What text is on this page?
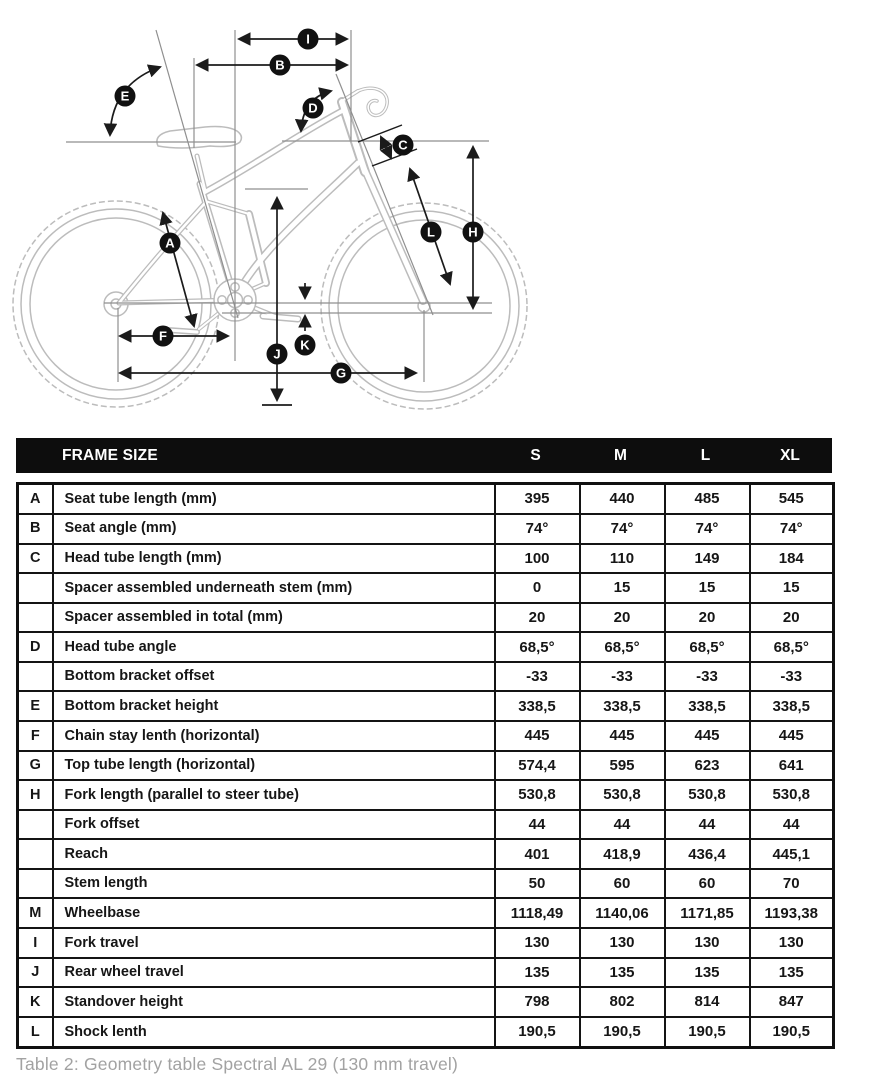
I
B
E
D
C
L	H
A
F
K
J
G
FRAME SIZE	S	M	L	XL
A	Seat tube length (mm)	395	440	485	545
B	Seat angle (mm)	74°	74°	74°	74°
C	Head tube length (mm)	100	110	149	184
	Spacer assembled underneath stem (mm)	0	15	15	15
	Spacer assembled in total (mm)	20	20	20	20
D	Head tube angle	68,5°	68,5°	68,5°	68,5°
	Bottom bracket offset	-33	-33	-33	-33
E	Bottom bracket height	338,5	338,5	338,5	338,5
F	Chain stay lenth (horizontal)	445	445	445	445
G	Top tube length (horizontal)	574,4	595	623	641
H	Fork length (parallel to steer tube)	530,8	530,8	530,8	530,8
	Fork offset	44	44	44	44
	Reach	401	418,9	436,4	445,1
	Stem length	50	60	60	70
M	Wheelbase	1118,49	1140,06	1171,85	1193,38
I	Fork travel	130	130	130	130
J	Rear wheel travel	135	135	135	135
K	Standover height	798	802	814	847
L	Shock lenth	190,5	190,5	190,5	190,5
Table 2: Geometry table Spectral AL 29 (130 mm travel)
